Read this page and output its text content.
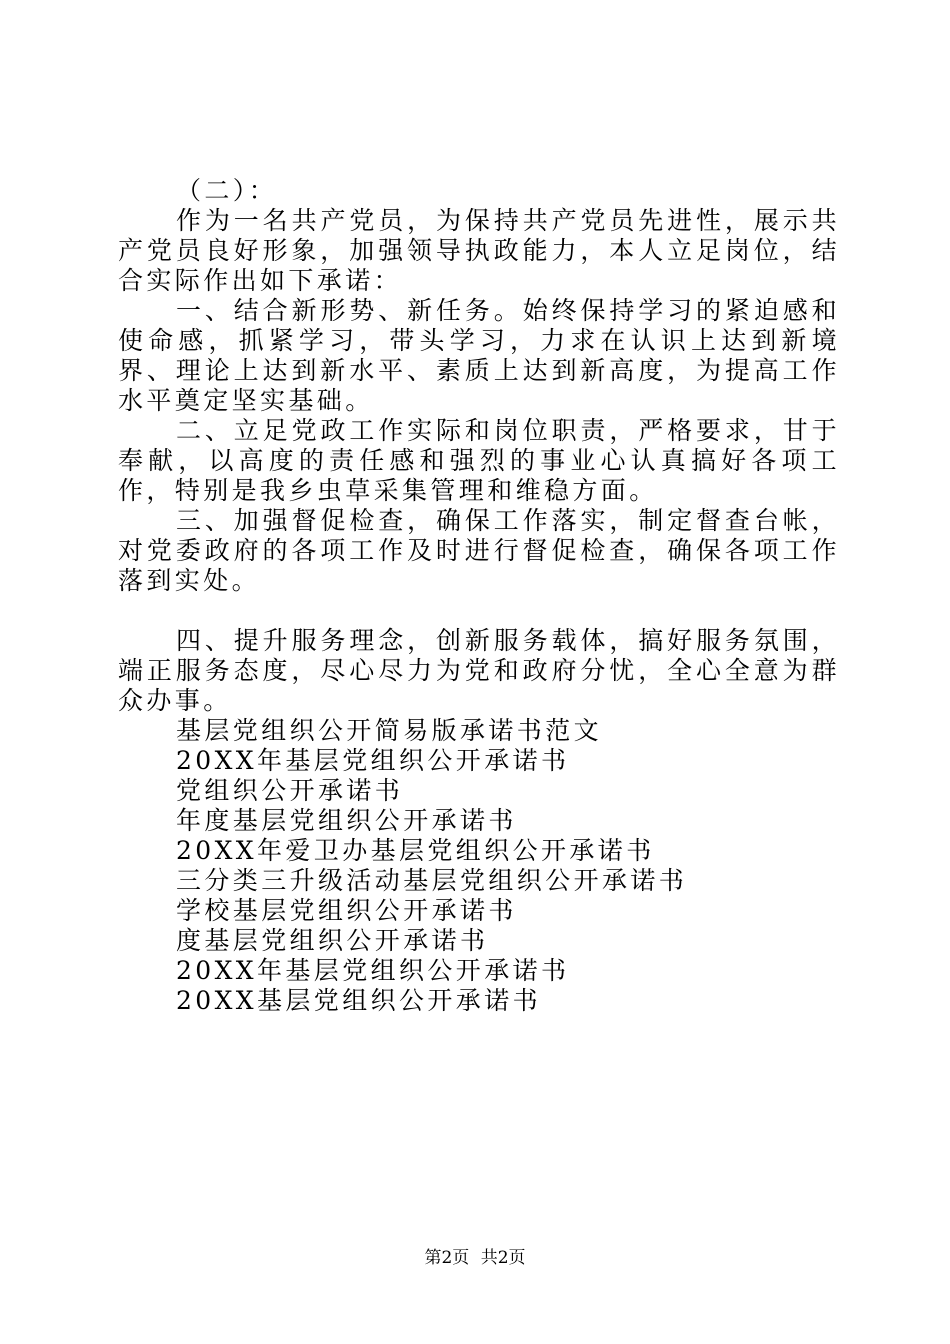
（二）：

作为一名共产党员，为保持共产党员先进性，展示共产党员良好形象，加强领导执政能力，本人立足岗位，结合实际作出如下承诺：

一、结合新形势、新任务。始终保持学习的紧迫感和使命感，抓紧学习，带头学习，力求在认识上达到新境界、理论上达到新水平、素质上达到新高度，为提高工作水平奠定坚实基础。

二、立足党政工作实际和岗位职责，严格要求，甘于奉献，以高度的责任感和强烈的事业心认真搞好各项工作，特别是我乡虫草采集管理和维稳方面。

三、加强督促检查，确保工作落实，制定督查台帐，对党委政府的各项工作及时进行督促检查，确保各项工作落到实处。

四、提升服务理念，创新服务载体，搞好服务氛围，端正服务态度，尽心尽力为党和政府分忧，全心全意为群众办事。

基层党组织公开简易版承诺书范文
20XX年基层党组织公开承诺书
党组织公开承诺书
年度基层党组织公开承诺书
20XX年爱卫办基层党组织公开承诺书
三分类三升级活动基层党组织公开承诺书
学校基层党组织公开承诺书
度基层党组织公开承诺书
20XX年基层党组织公开承诺书
20XX基层党组织公开承诺书
第2页 共2页
